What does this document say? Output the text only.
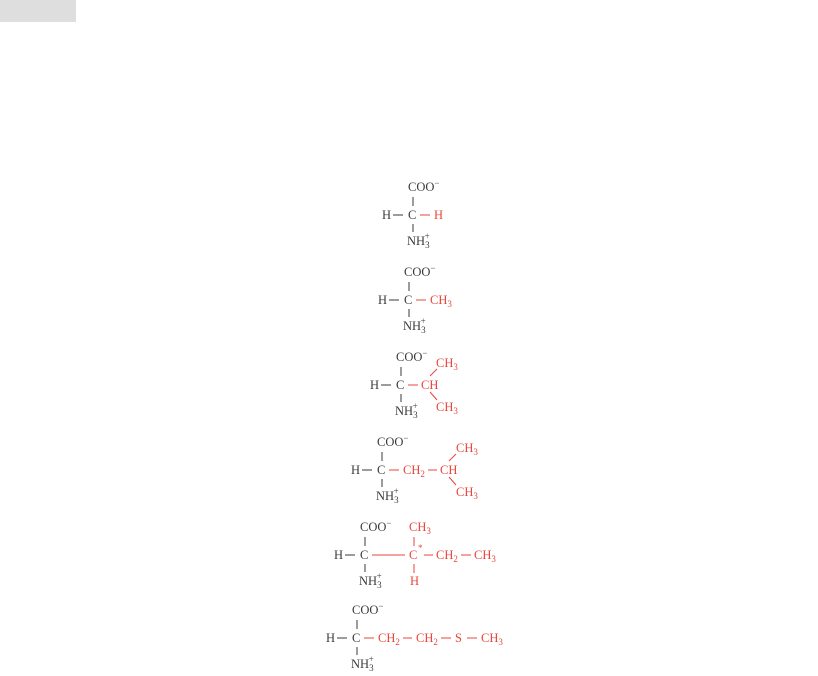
COO−
H C H
$NH_3+$
COO−
H C $CH_3$
$NH_3+$
COO−
H C CH
$CH_3$
$CH_3$
$NH_3+$
COO−
H C $CH_2$ CH
$CH_3$
$CH_3$
$NH_3+$
COO−
H C
$CH_3$
C *
H
$CH_2$ $CH_3$
$NH_3+$
COO−
H C $CH_2$ $CH_2$ S $CH_3$
$NH_3+$
